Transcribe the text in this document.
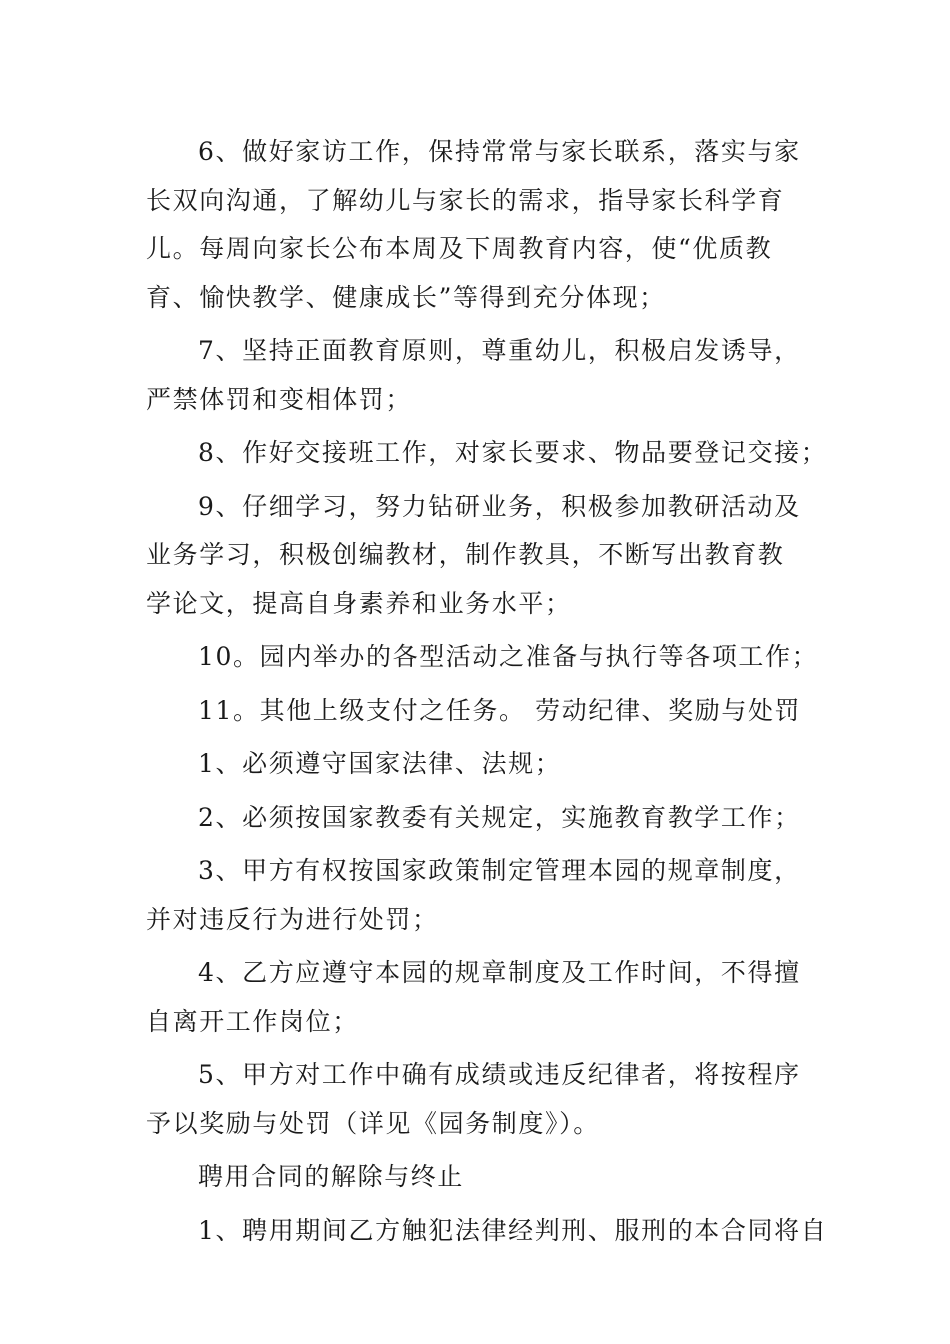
6、做好家访工作，保持常常与家长联系，落实与家长双向沟通，了解幼儿与家长的需求，指导家长科学育儿。每周向家长公布本周及下周教育内容，使“优质教育、愉快教学、健康成长”等得到充分体现；

7、坚持正面教育原则，尊重幼儿，积极启发诱导，严禁体罚和变相体罚；

8、作好交接班工作，对家长要求、物品要登记交接；

9、仔细学习，努力钻研业务，积极参加教研活动及业务学习，积极创编教材，制作教具，不断写出教育教学论文，提高自身素养和业务水平；

10。园内举办的各型活动之准备与执行等各项工作；

11。其他上级支付之任务。 劳动纪律、奖励与处罚

1、必须遵守国家法律、法规；

2、必须按国家教委有关规定，实施教育教学工作；

3、甲方有权按国家政策制定管理本园的规章制度，并对违反行为进行处罚；

4、乙方应遵守本园的规章制度及工作时间，不得擅自离开工作岗位；

5、甲方对工作中确有成绩或违反纪律者，将按程序予以奖励与处罚（详见《园务制度》）。

聘用合同的解除与终止

1、聘用期间乙方触犯法律经判刑、服刑的本合同将自
